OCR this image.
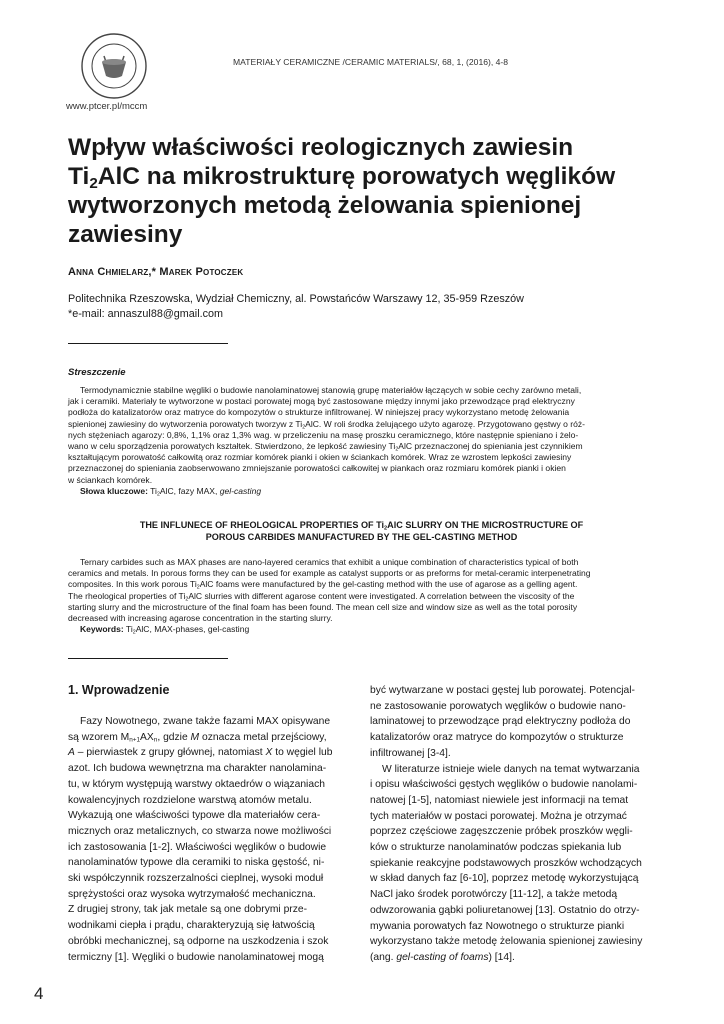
www.ptcer.pl/mccm
MATERIAŁY CERAMICZNE /CERAMIC MATERIALS/, 68, 1, (2016), 4-8

Wpływ właściwości reologicznych zawiesin

$Ti_2AlC$ na mikrostrukturę porowatych węglików

wytworzonych metodą żelowania spienionej

zawiesiny

Anna Chmielarz,* Marek Potoczek
Politechnika Rzeszowska, Wydział Chemiczny, al. Powstańców Warszawy 12, 35-959 Rzeszów
*e-mail: annaszul88@gmail.com
Streszczenie

Termodynamicznie stabilne węgliki o budowie nanolaminatowej stanowią grupę materiałów łączących w sobie cechy zarówno metali,

jak i ceramiki. Materiały te wytworzone w postaci porowatej mogą być zastosowane między innymi jako przewodzące prąd elektryczny

podłoża do katalizatorów oraz matryce do kompozytów o strukturze infiltrowanej. W niniejszej pracy wykorzystano metodę żelowania

spienionej zawiesiny do wytworzenia porowatych tworzyw z $Ti_2AlC$. W roli środka żelującego użyto agarozę. Przygotowano gęstwy o róż-

nych stężeniach agarozy: 0,8%, 1,1% oraz 1,3% wag. w przeliczeniu na masę proszku ceramicznego, które następnie spieniano i żelo-

wano w celu sporządzenia porowatych kształtek. Stwierdzono, że lepkość zawiesiny $Ti_2AlC$ przeznaczonej do spieniania jest czynnikiem

kształtującym porowatość całkowitą oraz rozmiar komórek pianki i okien w ściankach komórek. Wraz ze wzrostem lepkości zawiesiny

przeznaczonej do spieniania zaobserwowano zmniejszanie porowatości całkowitej w piankach oraz rozmiaru komórek pianki i okien

w ściankach komórek.

Słowa kluczowe: $Ti_2AlC$, fazy MAX, gel-casting

THE INFLUNECE OF RHEOLOGICAL PROPERTIES OF $Ti_2AlC$ SLURRY ON THE MICROSTRUCTURE OF

POROUS CARBIDES MANUFACTURED BY THE GEL-CASTING METHOD

Ternary carbides such as MAX phases are nano-layered ceramics that exhibit a unique combination of characteristics typical of both

ceramics and metals. In porous forms they can be used for example as catalyst supports or as preforms for metal-ceramic interpenetrating

composites. In this work porous $Ti_2AlC$ foams were manufactured by the gel-casting method with the use of agarose as a gelling agent.

The rheological properties of $Ti_2AlC$ slurries with different agarose content were investigated. A correlation between the viscosity of the

starting slurry and the microstructure of the final foam has been found. The mean cell size and window size as well as the total porosity

decreased with increasing agarose concentration in the starting slurry.

Keywords: $Ti_2AlC$, MAX-phases, gel-casting

1. Wprowadzenie

Fazy Nowotnego, zwane także fazami MAX opisywane

są wzorem $M_{n+1}AX_n$, gdzie M oznacza metal przejściowy,

A – pierwiastek z grupy głównej, natomiast X to węgiel lub

azot. Ich budowa wewnętrzna ma charakter nanolamina-

tu, w którym występują warstwy oktaedrów o wiązaniach

kowalencyjnych rozdzielone warstwą atomów metalu.

Wykazują one właściwości typowe dla materiałów cera-

micznych oraz metalicznych, co stwarza nowe możliwości

ich zastosowania [1-2]. Właściwości węglików o budowie

nanolaminatów typowe dla ceramiki to niska gęstość, ni-

ski współczynnik rozszerzalności cieplnej, wysoki moduł

sprężystości oraz wysoka wytrzymałość mechaniczna.

Z drugiej strony, tak jak metale są one dobrymi prze-

wodnikami ciepła i prądu, charakteryzują się łatwością

obróbki mechanicznej, są odporne na uszkodzenia i szok

termiczny [1]. Węgliki o budowie nanolaminatowej mogą

być wytwarzane w postaci gęstej lub porowatej. Potencjal-

ne zastosowanie porowatych węglików o budowie nano-

laminatowej to przewodzące prąd elektryczny podłoża do

katalizatorów oraz matryce do kompozytów o strukturze

infiltrowanej [3-4].

W literaturze istnieje wiele danych na temat wytwarzania

i opisu właściwości gęstych węglików o budowie nanolami-

natowej [1-5], natomiast niewiele jest informacji na temat

tych materiałów w postaci porowatej. Można je otrzymać

poprzez częściowe zagęszczenie próbek proszków węgli-

ków o strukturze nanolaminatów podczas spiekania lub

spiekanie reakcyjne podstawowych proszków wchodzących

w skład danych faz [6-10], poprzez metodę wykorzystującą

NaCl jako środek porotwórczy [11-12], a także metodą

odwzorowania gąbki poliuretanowej [13]. Ostatnio do otrzy-

mywania porowatych faz Nowotnego o strukturze pianki

wykorzystano także metodę żelowania spienionej zawiesiny

(ang. gel-casting of foams) [14].

4
